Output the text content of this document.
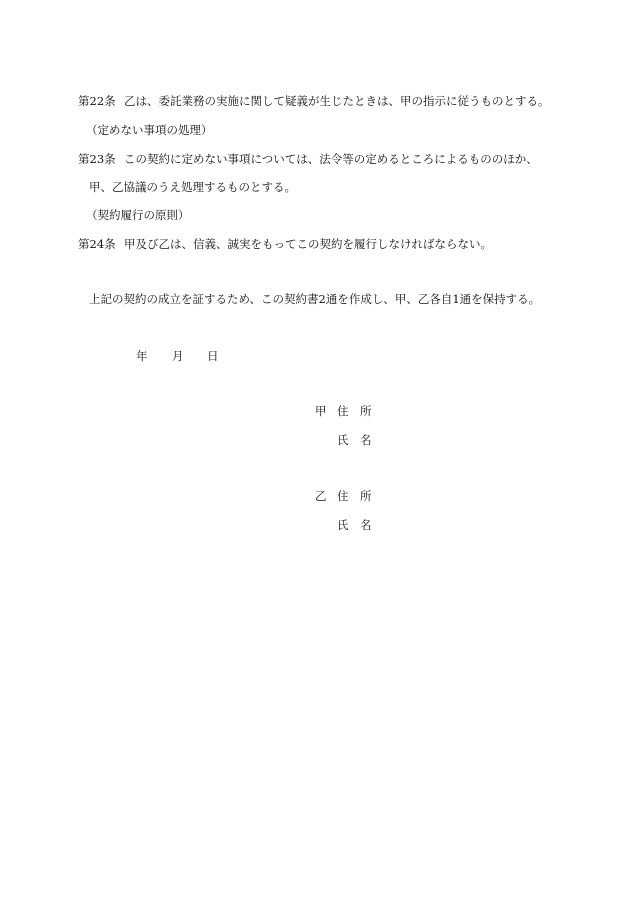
第22条 乙は、委託業務の実施に関して疑義が生じたときは、甲の指示に従うものとする。
（定めない事項の処理）
第23条 この契約に定めない事項については、法令等の定めるところによるもののほか、
甲、乙協議のうえ処理するものとする。
（契約履行の原則）
第24条 甲及び乙は、信義、誠実をもってこの契約を履行しなければならない。
上記の契約の成立を証するため、この契約書2通を作成し、甲、乙各自1通を保持する。
年 月 日
甲 住　所
氏　名
乙 住　所
氏　名
